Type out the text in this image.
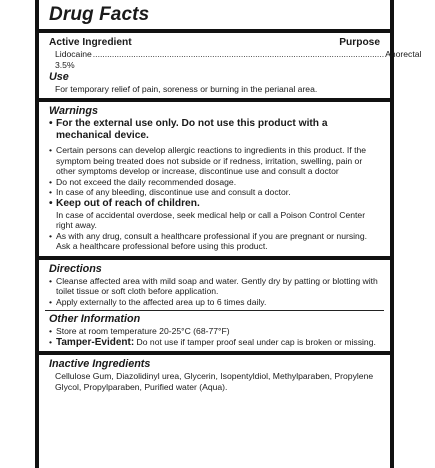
Drug Facts
Active Ingredient	Purpose
Lidocaine 3.5%
.......................................................................................................................... Anorectal
Use
For temporary relief of pain, soreness or burning in the perianal area.
Warnings
• For the external use only. Do not use this product with a mechanical device.
• Certain persons can develop allergic reactions to ingredients in this product. If the symptom being treated does not subside or if redness, irritation, swelling, pain or other symptoms develop or increase, discontinue use and consult a doctor
• Do not exceed the daily recommended dosage.
• In case of any bleeding, discontinue use and consult a doctor.
• Keep out of reach of children.
In case of accidental overdose, seek medical help or call a Poison Control Center right away.
• As with any drug, consult a healthcare professional if you are pregnant or nursing. Ask a healthcare professional before using this product.
Directions
• Cleanse affected area with mild soap and water. Gently dry by patting or blotting with toilet tissue or soft cloth before application.
• Apply externally to the affected area up to 6 times daily.
Other Information
• Store at room temperature 20-25°C (68-77°F)
• Tamper-Evident: Do not use if tamper proof seal under cap is broken or missing.
Inactive Ingredients
Cellulose Gum, Diazolidinyl urea, Glycerin, Isopentyldiol, Methylparaben, Propylene Glycol, Propylparaben, Purified water (Aqua).
